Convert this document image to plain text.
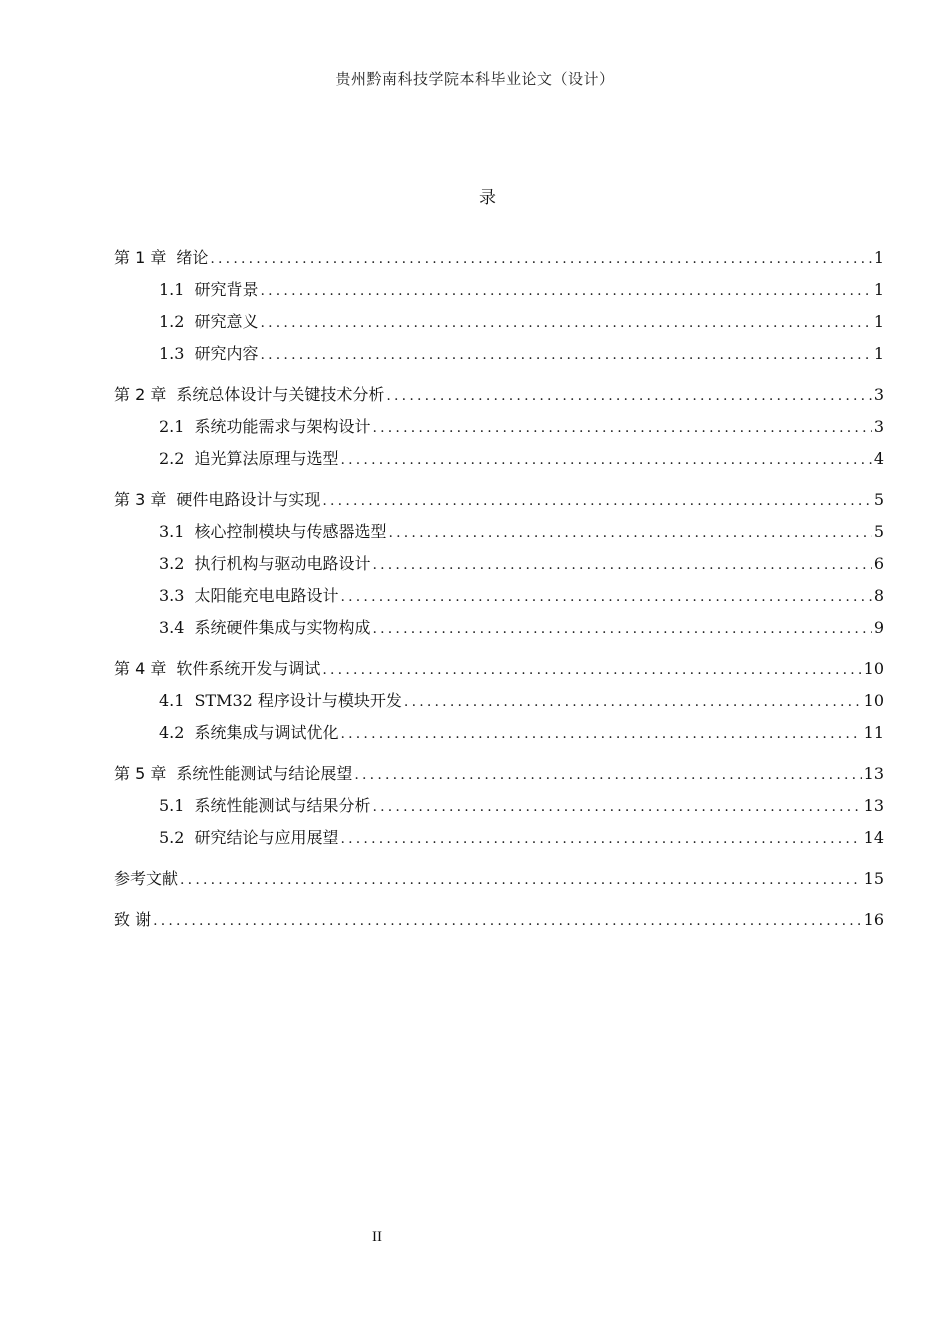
贵州黔南科技学院本科毕业论文（设计）
录
第 1 章 绪论 .....	1
1.1 研究背景 .....	1
1.2 研究意义 .....	1
1.3 研究内容 .....	1
第 2 章 系统总体设计与关键技术分析 .....	3
2.1 系统功能需求与架构设计 .....	3
2.2 追光算法原理与选型 .....	4
第 3 章 硬件电路设计与实现 .....	5
3.1 核心控制模块与传感器选型 .....	5
3.2 执行机构与驱动电路设计 .....	6
3.3 太阳能充电电路设计 .....	8
3.4 系统硬件集成与实物构成 .....	9
第 4 章 软件系统开发与调试 .....	10
4.1 STM32 程序设计与模块开发 .....	10
4.2 系统集成与调试优化 .....	11
第 5 章 系统性能测试与结论展望 .....	13
5.1 系统性能测试与结果分析 .....	13
5.2 研究结论与应用展望 .....	14
参考文献 .....	15
致 谢 .....	16
II
